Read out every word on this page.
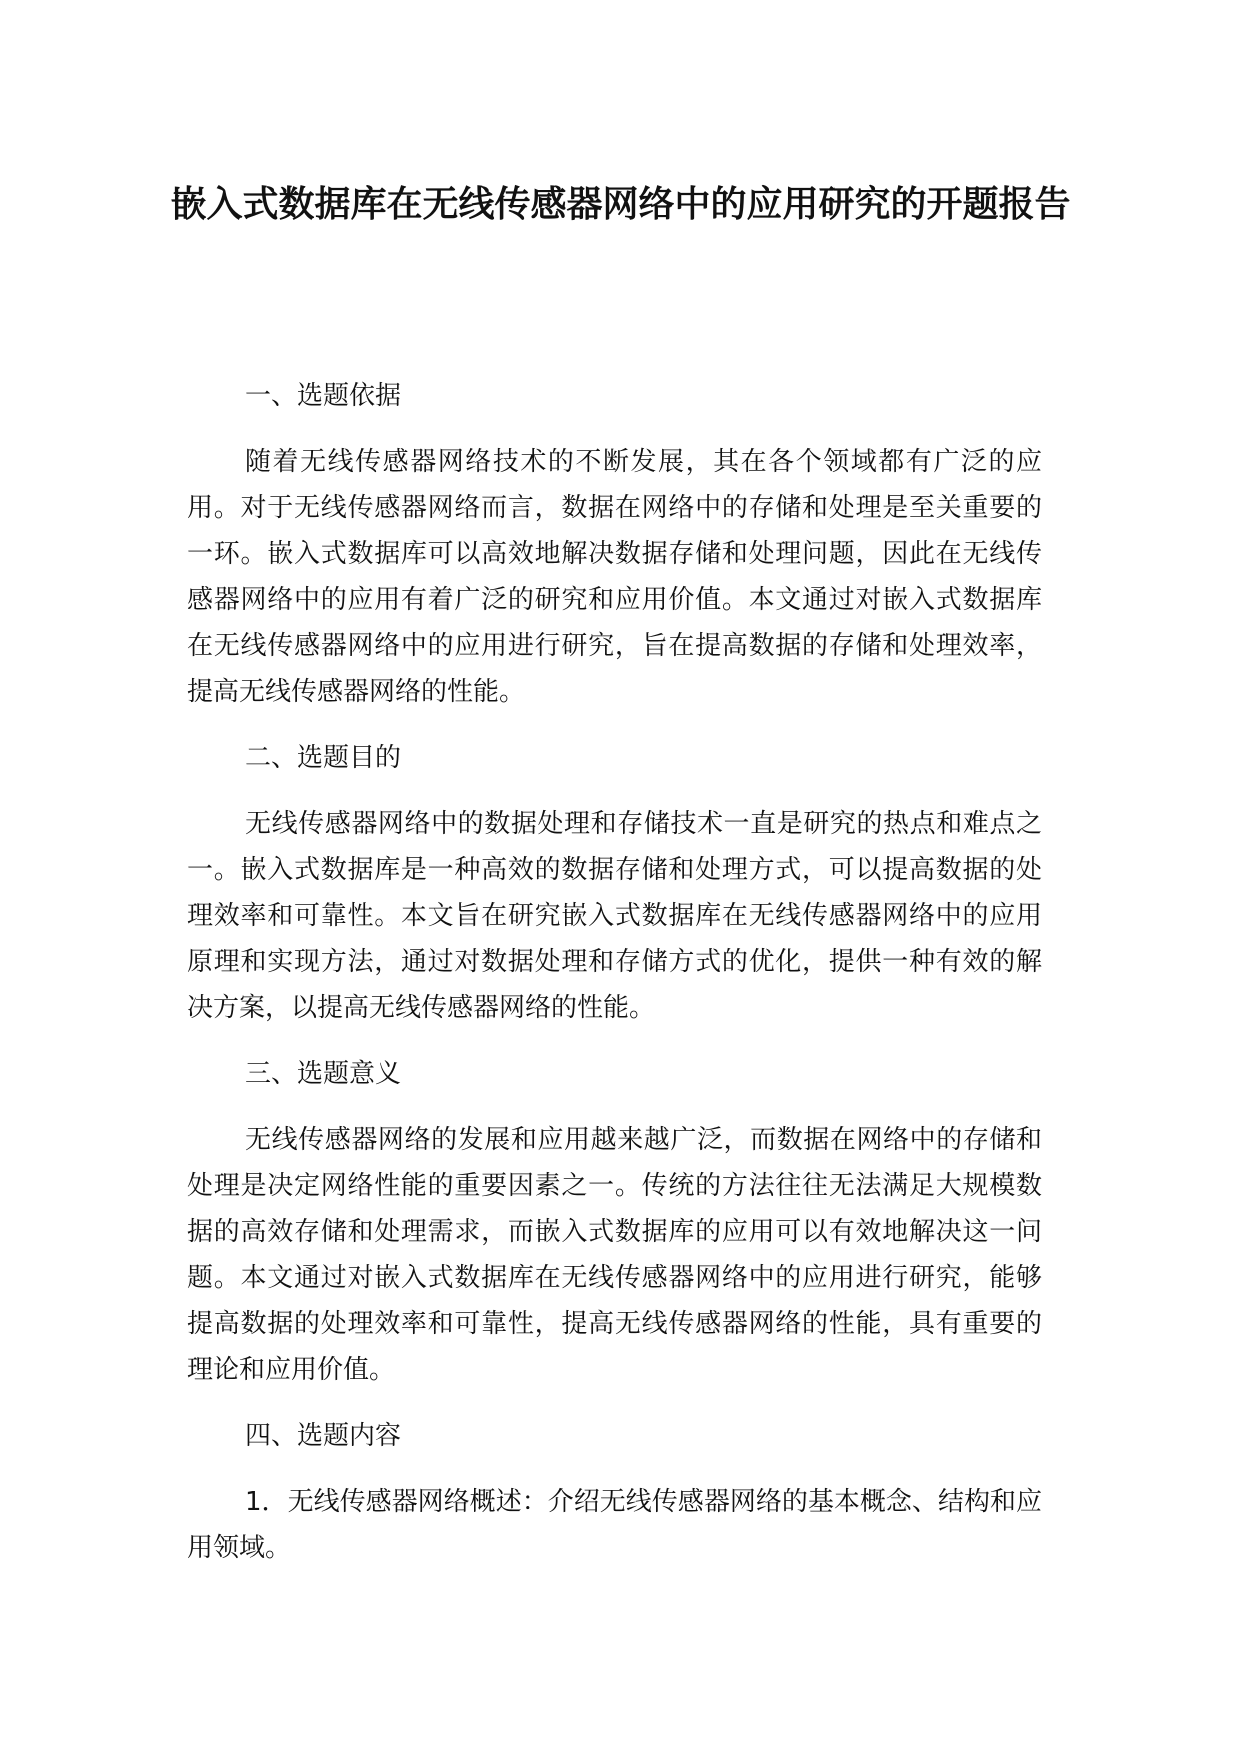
嵌入式数据库在无线传感器网络中的应用研究的开题报告
一、选题依据

随着无线传感器网络技术的不断发展，其在各个领域都有广泛的应用。对于无线传感器网络而言，数据在网络中的存储和处理是至关重要的一环。嵌入式数据库可以高效地解决数据存储和处理问题，因此在无线传感器网络中的应用有着广泛的研究和应用价值。本文通过对嵌入式数据库在无线传感器网络中的应用进行研究，旨在提高数据的存储和处理效率，提高无线传感器网络的性能。

二、选题目的

无线传感器网络中的数据处理和存储技术一直是研究的热点和难点之一。嵌入式数据库是一种高效的数据存储和处理方式，可以提高数据的处理效率和可靠性。本文旨在研究嵌入式数据库在无线传感器网络中的应用原理和实现方法，通过对数据处理和存储方式的优化，提供一种有效的解决方案，以提高无线传感器网络的性能。

三、选题意义

无线传感器网络的发展和应用越来越广泛，而数据在网络中的存储和处理是决定网络性能的重要因素之一。传统的方法往往无法满足大规模数据的高效存储和处理需求，而嵌入式数据库的应用可以有效地解决这一问题。本文通过对嵌入式数据库在无线传感器网络中的应用进行研究，能够提高数据的处理效率和可靠性，提高无线传感器网络的性能，具有重要的理论和应用价值。

四、选题内容

1．无线传感器网络概述：介绍无线传感器网络的基本概念、结构和应用领域。
